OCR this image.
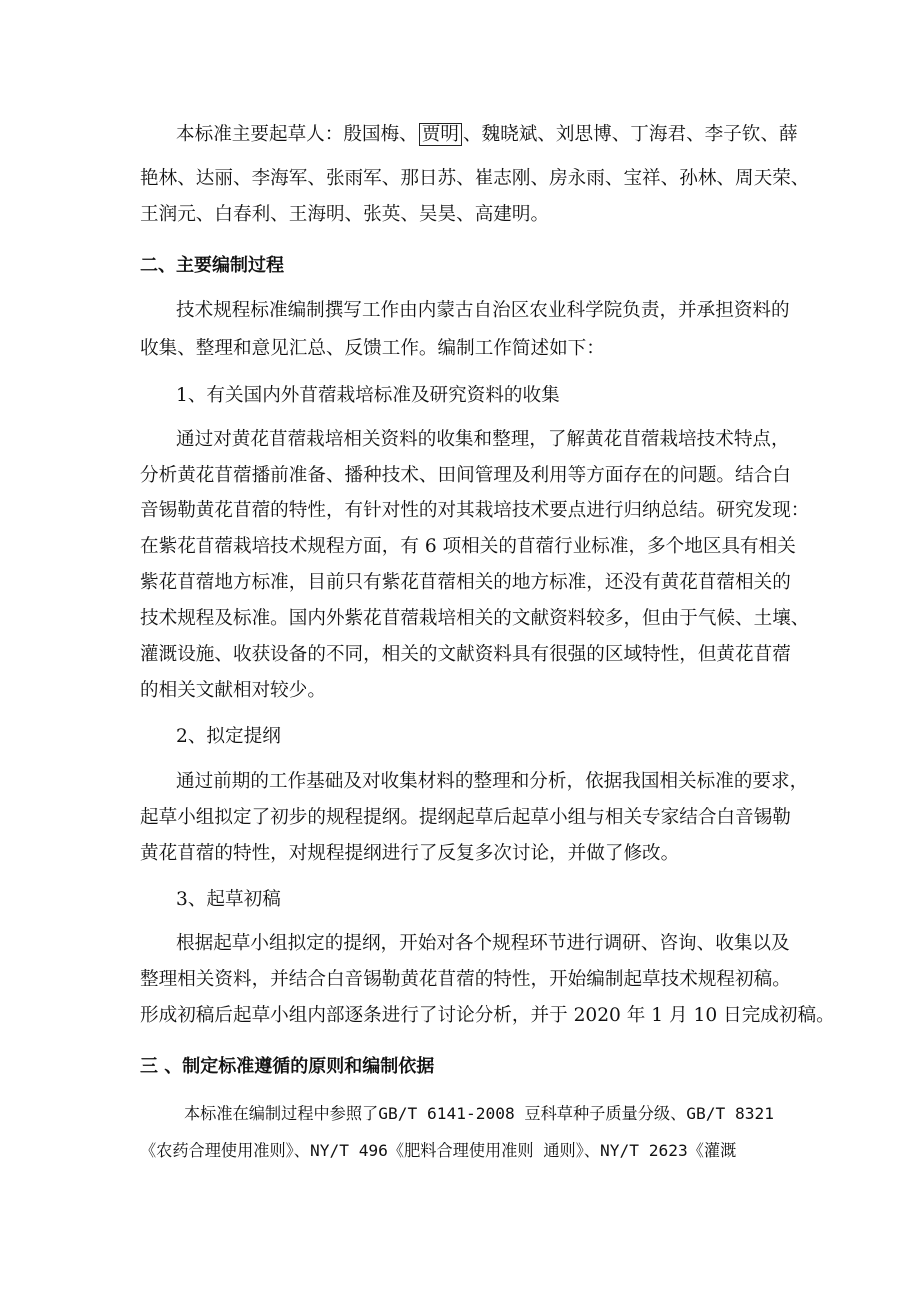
本标准主要起草人：殷国梅、 贾明 、魏晓斌、刘思博、丁海君、李子钦、薛
艳林、达丽、李海军、张雨军、那日苏、崔志刚、房永雨、宝祥、孙林、周天荣、
王润元、白春利、王海明、张英、吴昊、高建明。
二、主要编制过程
技术规程标准编制撰写工作由内蒙古自治区农业科学院负责，并承担资料的
收集、整理和意见汇总、反馈工作。编制工作简述如下：
1、有关国内外苜蓿栽培标准及研究资料的收集
通过对黄花苜蓿栽培相关资料的收集和整理，了解黄花苜蓿栽培技术特点，
分析黄花苜蓿播前准备、播种技术、田间管理及利用等方面存在的问题。结合白
音锡勒黄花苜蓿的特性，有针对性的对其栽培技术要点进行归纳总结。研究发现：
在紫花苜蓿栽培技术规程方面，有 6 项相关的苜蓿行业标准，多个地区具有相关
紫花苜蓿地方标准，目前只有紫花苜蓿相关的地方标准，还没有黄花苜蓿相关的
技术规程及标准。国内外紫花苜蓿栽培相关的文献资料较多，但由于气候、土壤、
灌溉设施、收获设备的不同，相关的文献资料具有很强的区域特性，但黄花苜蓿
的相关文献相对较少。
2、拟定提纲
通过前期的工作基础及对收集材料的整理和分析，依据我国相关标准的要求，
起草小组拟定了初步的规程提纲。提纲起草后起草小组与相关专家结合白音锡勒
黄花苜蓿的特性，对规程提纲进行了反复多次讨论，并做了修改。
3、起草初稿
根据起草小组拟定的提纲，开始对各个规程环节进行调研、咨询、收集以及
整理相关资料，并结合白音锡勒黄花苜蓿的特性，开始编制起草技术规程初稿。
形成初稿后起草小组内部逐条进行了讨论分析，并于 2020 年 1 月 10 日完成初稿。
三 、制定标准遵循的原则和编制依据
本标准在编制过程中参照了GB/T 6141-2008 豆科草种子质量分级、GB/T 8321
《农药合理使用准则》、NY/T 496《肥料合理使用准则 通则》、NY/T 2623《灌溉
